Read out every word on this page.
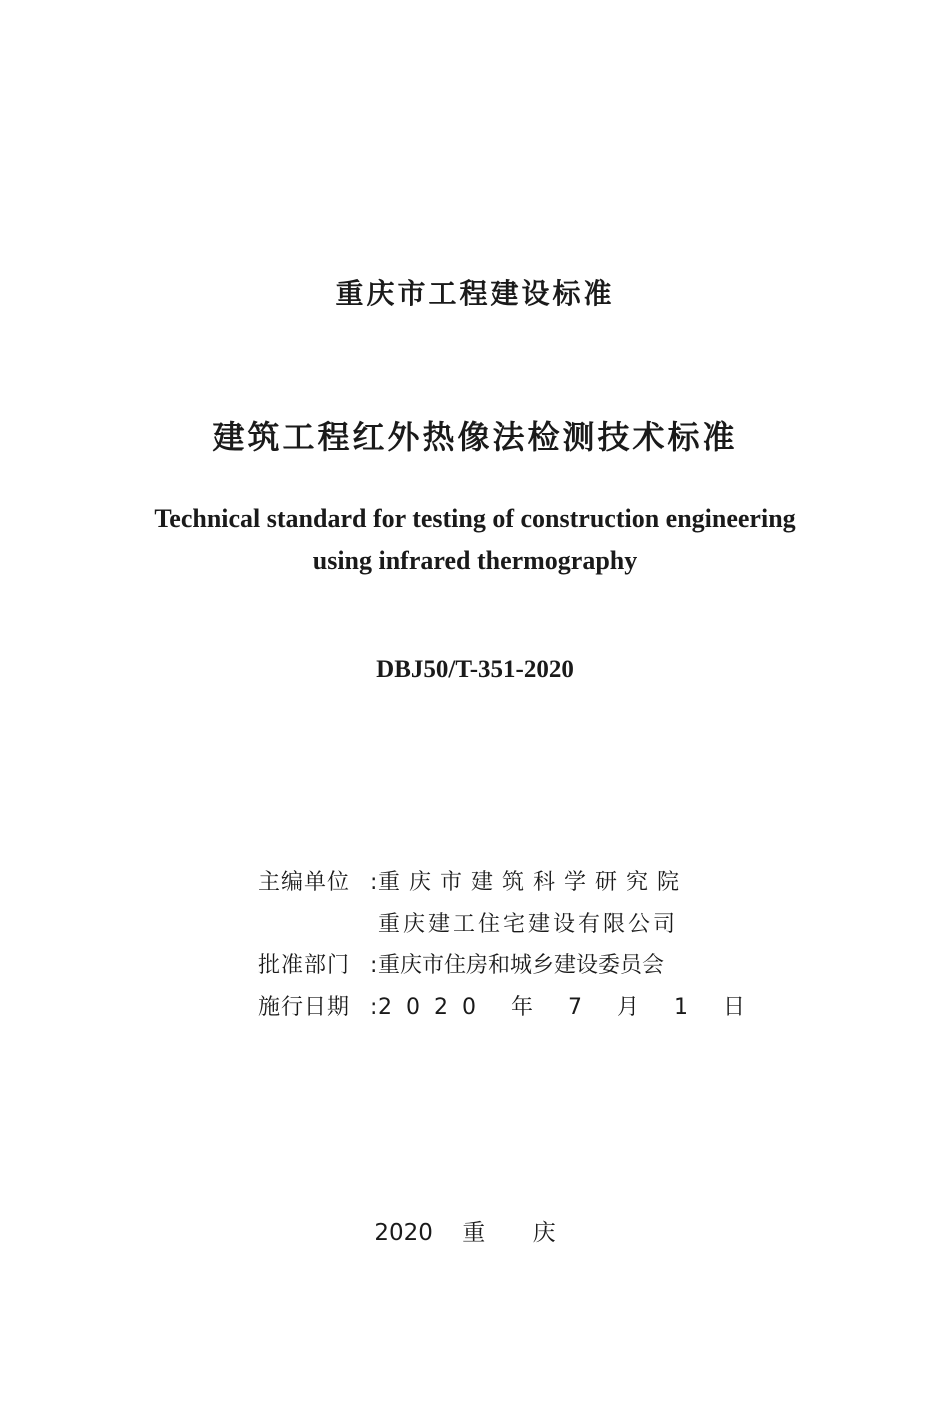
重庆市工程建设标准
建筑工程红外热像法检测技术标准
Technical standard for testing of construction engineering
using infrared thermography
DBJ50/T-351-2020
主编单位 : 重庆市建筑科学研究院
重庆建工住宅建设有限公司
批准部门 : 重庆市住房和城乡建设委员会
施行日期 : 2020 年 7 月 1 日
2020 重 庆
